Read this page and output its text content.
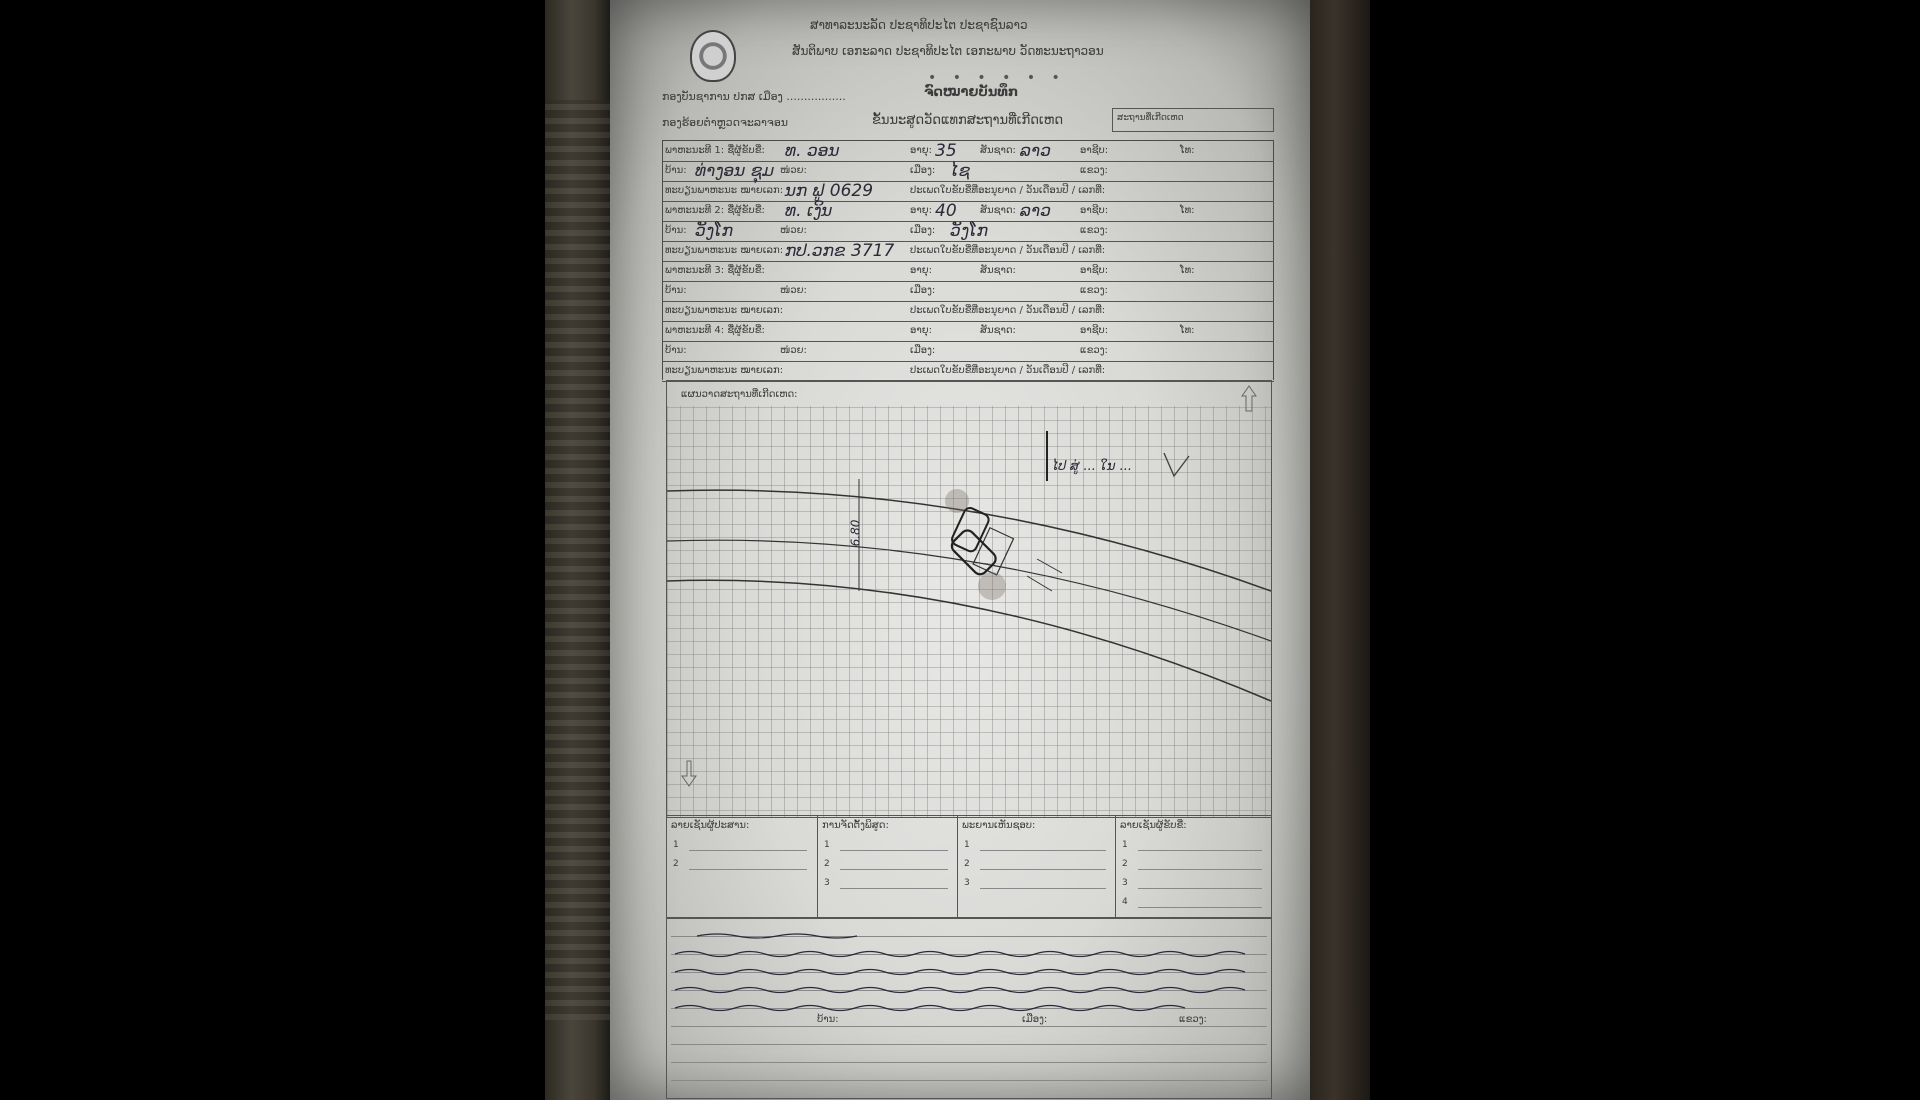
ສາທາລະນະລັດ ປະຊາທິປະໄຕ ປະຊາຊົນລາວ
ສັນຕິພາບ ເອກະລາດ ປະຊາທິປະໄຕ ເອກະພາບ ວັດທະນະຖາວອນ
• • • • • •
ກອງບັນຊາການ ປກສ ເມືອງ .................
ກອງຮ້ອຍຕຳຫຼວດຈະລາຈອນ
ຈົດໝາຍບັນທຶກ
ຂັ້ນນະສູດວັດແທກສະຖານທີ່ເກີດເຫດ	ສະຖານທີ່ເກີດເຫດ
ແຜນວາດສະຖານທີ່ເກີດເຫດ:
ໄປ ສູ່ ... ໃນ ...
6.80
ລາຍເຊັນຜູ້ປະສານ:
1
2
ການຈັດຕັ້ງພິສູດ:
1
2
3
ພະຍານເຫັນຊອບ:
1
2
3
ລາຍເຊັນຜູ້ຂັບຂີ່:
1
2
3
4
ບ້ານ:	ເມືອງ:	ແຂວງ:
ພາຫະນະທີ 1: ຊື່ຜູ້ຂັບຂີ່: ທ. ວອນ	ອາຍຸ: 35 ສັນຊາດ: ລາວ	ອາຊີບ:	ໂທ:
ບ້ານ: ທ່າງອນ ຊຸມ ໜ່ວຍ:	ເມືອງ: ໄຊ	ແຂວງ:
ທະບຽນພາຫະນະ ໝາຍເລກ: ນກ ຟູ 0629	ປະເພດໃບຂັບຂີ່ທີ່ອະນຸຍາດ / ວັນເດືອນປີ / ເລກທີ່:
ພາຫະນະທີ 2: ຊື່ຜູ້ຂັບຂີ່: ທ. ເງິນ	ອາຍຸ: 40 ສັນຊາດ: ລາວ	ອາຊີບ:	ໂທ:
ບ້ານ: ວັງໂກ	ໜ່ວຍ:	ເມືອງ: ວັງໂກ	ແຂວງ:
ທະບຽນພາຫະນະ ໝາຍເລກ: ກປ.ວກຂ 3717 ປະເພດໃບຂັບຂີ່ທີ່ອະນຸຍາດ / ວັນເດືອນປີ / ເລກທີ່:
ພາຫະນະທີ 3: ຊື່ຜູ້ຂັບຂີ່:	ອາຍຸ:	ສັນຊາດ:	ອາຊີບ:	ໂທ:
ບ້ານ:	ໜ່ວຍ:	ເມືອງ:	ແຂວງ:
ທະບຽນພາຫະນະ ໝາຍເລກ:	ປະເພດໃບຂັບຂີ່ທີ່ອະນຸຍາດ / ວັນເດືອນປີ / ເລກທີ່:
ພາຫະນະທີ 4: ຊື່ຜູ້ຂັບຂີ່:	ອາຍຸ:	ສັນຊາດ:	ອາຊີບ:	ໂທ:
ບ້ານ:	ໜ່ວຍ:	ເມືອງ:	ແຂວງ:
ທະບຽນພາຫະນະ ໝາຍເລກ:	ປະເພດໃບຂັບຂີ່ທີ່ອະນຸຍາດ / ວັນເດືອນປີ / ເລກທີ່:
